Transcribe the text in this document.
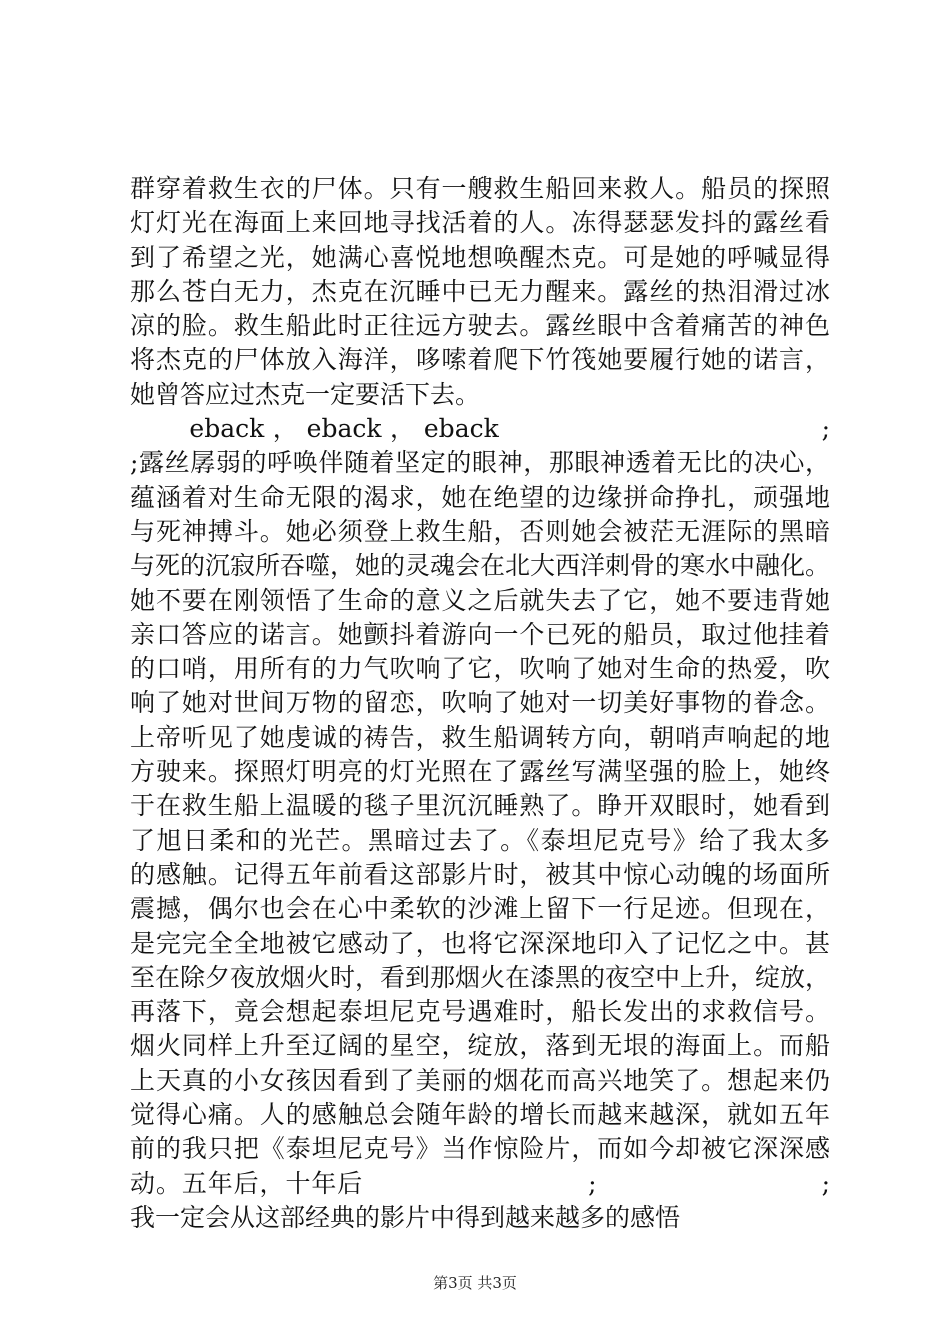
群穿着救生衣的尸体。只有一艘救生船回来救人。船员的探照
灯灯光在海面上来回地寻找活着的人。冻得瑟瑟发抖的露丝看
到了希望之光，她满心喜悦地想唤醒杰克。可是她的呼喊显得
那么苍白无力，杰克在沉睡中已无力醒来。露丝的热泪滑过冰
凉的脸。救生船此时正往远方驶去。露丝眼中含着痛苦的神色
将杰克的尸体放入海洋，哆嗦着爬下竹筏她要履行她的诺言，
她曾答应过杰克一定要活下去。
　　 eback ， eback ， eback 　　　　　　　　　　　　 ;
;露丝孱弱的呼唤伴随着坚定的眼神，那眼神透着无比的决心，
蕴涵着对生命无限的渴求，她在绝望的边缘拼命挣扎，顽强地
与死神搏斗。她必须登上救生船，否则她会被茫无涯际的黑暗
与死的沉寂所吞噬，她的灵魂会在北大西洋刺骨的寒水中融化。
她不要在刚领悟了生命的意义之后就失去了它，她不要违背她
亲口答应的诺言。她颤抖着游向一个已死的船员，取过他挂着
的口哨，用所有的力气吹响了它，吹响了她对生命的热爱，吹
响了她对世间万物的留恋，吹响了她对一切美好事物的眷念。
上帝听见了她虔诚的祷告，救生船调转方向，朝哨声响起的地
方驶来。探照灯明亮的灯光照在了露丝写满坚强的脸上，她终
于在救生船上温暖的毯子里沉沉睡熟了。睁开双眼时，她看到
了旭日柔和的光芒。黑暗过去了。《泰坦尼克号》给了我太多
的感触。记得五年前看这部影片时，被其中惊心动魄的场面所
震撼，偶尔也会在心中柔软的沙滩上留下一行足迹。但现在，
是完完全全地被它感动了，也将它深深地印入了记忆之中。甚
至在除夕夜放烟火时，看到那烟火在漆黑的夜空中上升，绽放，
再落下，竟会想起泰坦尼克号遇难时，船长发出的求救信号。
烟火同样上升至辽阔的星空，绽放，落到无垠的海面上。而船
上天真的小女孩因看到了美丽的烟花而高兴地笑了。想起来仍
觉得心痛。人的感触总会随年龄的增长而越来越深，就如五年
前的我只把《泰坦尼克号》当作惊险片，而如今却被它深深感
动。五年后，十年后 　　　　　　　　 ; 　　　　　　　　 ;
我一定会从这部经典的影片中得到越来越多的感悟
第3页 共3页
